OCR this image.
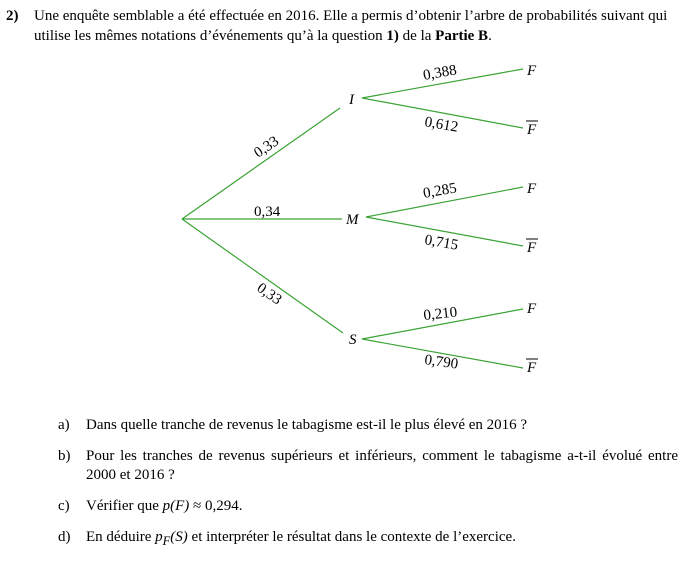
2) Une enquête semblable a été effectuée en 2016. Elle a permis d’obtenir l’arbre de probabilités suivant qui utilise les mêmes notations d’événements qu’à la question 1) de la Partie B.
0,33
0,34
0,33
I
M
S
0,388
0,612
0,285
0,715
0,210
0,790
F
F
F
F
F
F
a) Dans quelle tranche de revenus le tabagisme est-il le plus élevé en 2016 ?
b) Pour les tranches de revenus supérieurs et inférieurs, comment le tabagisme a-t-il évolué entre 2000 et 2016 ?
c) Vérifier que p(F) ≈ 0,294.
d) En déduire $p_F(S)$ et interpréter le résultat dans le contexte de l’exercice.
